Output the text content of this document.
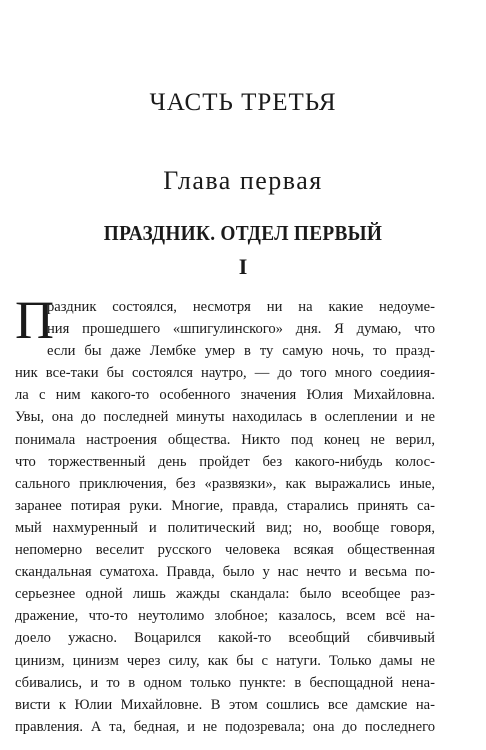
ЧАСТЬ ТРЕТЬЯ
Глава первая
ПРАЗДНИК. ОТДЕЛ ПЕРВЫЙ
I
П
раздник состоялся, несмотря ни на какие недоуме-
ния прошедшего «шпигулинского» дня. Я думаю, что
если бы даже Лембке умер в ту самую ночь, то празд-
ник все-таки бы состоялся наутро, — до того много соедиия-
ла с ним какого-то особенного значения Юлия Михайловна.
Увы, она до последней минуты находилась в ослеплении и не
понимала настроения общества. Никто под конец не верил,
что торжественный день пройдет без какого-нибудь колос-
сального приключения, без «развязки», как выражались иные,
заранее потирая руки. Многие, правда, старались принять са-
мый нахмуренный и политический вид; но, вообще говоря,
непомерно веселит русского человека всякая общественная
скандальная суматоха. Правда, было у нас нечто и весьма по-
серьезнее одной лишь жажды скандала: было всеобщее раз-
дражение, что-то неутолимо злобное; казалось, всем всё на-
доело ужасно. Воцарился какой-то всеобщий сбивчивый
цинизм, цинизм через силу, как бы с натуги. Только дамы не
сбивались, и то в одном только пункте: в беспощадной нена-
висти к Юлии Михайловне. В этом сошлись все дамские на-
правления. А та, бедная, и не подозревала; она до последнего
